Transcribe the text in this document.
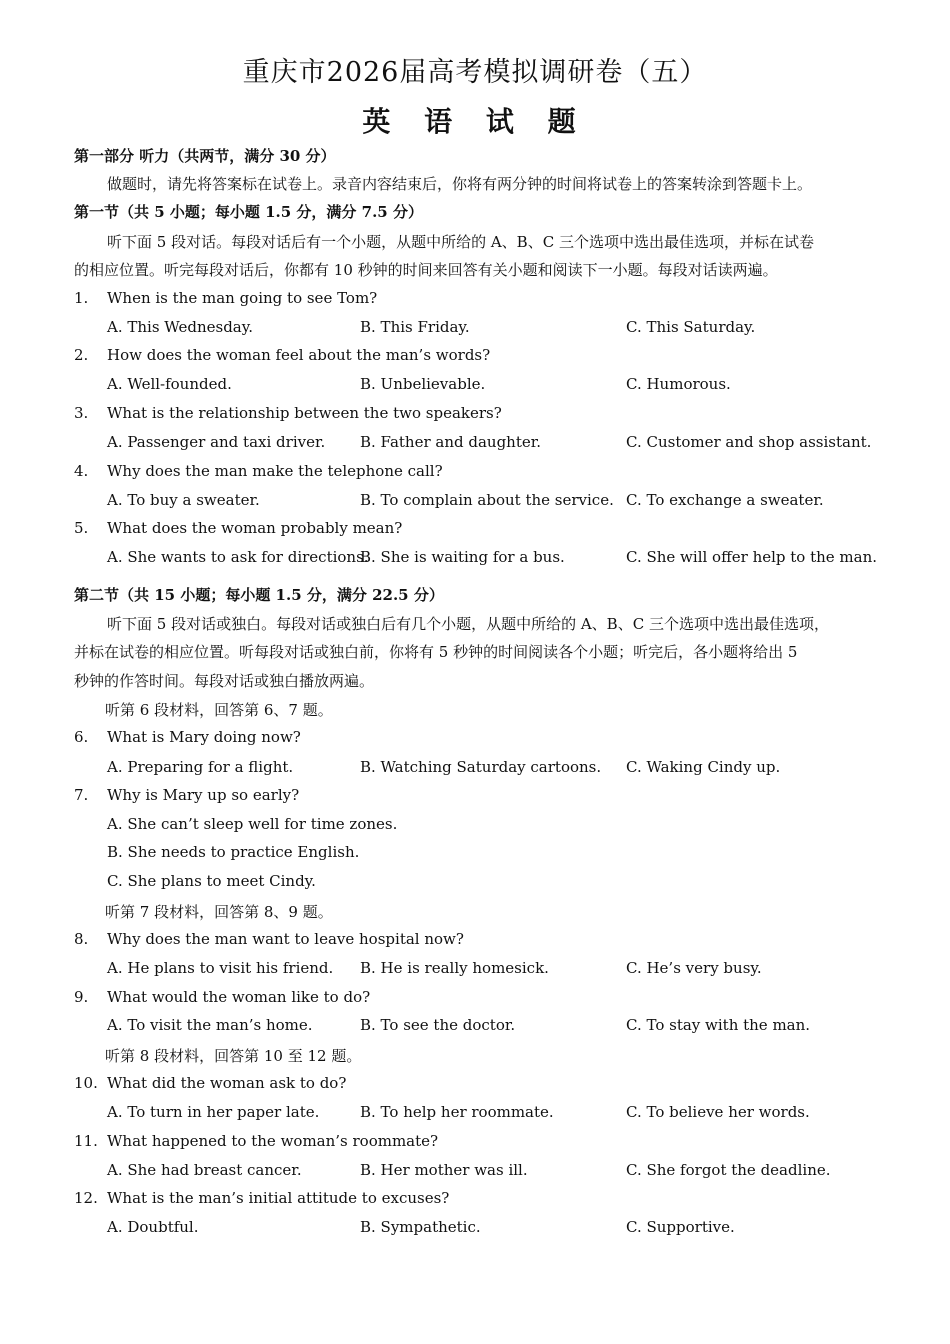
重庆市2026届高考模拟调研卷（五）
英 语 试 题
第一部分 听力（共两节，满分 30 分）
做题时，请先将答案标在试卷上。录音内容结束后，你将有两分钟的时间将试卷上的答案转涂到答题卡上。
第一节（共 5 小题；每小题 1.5 分，满分 7.5 分）
听下面 5 段对话。每段对话后有一个小题，从题中所给的 A、B、C 三个选项中选出最佳选项，并标在试卷
的相应位置。听完每段对话后，你都有 10 秒钟的时间来回答有关小题和阅读下一小题。每段对话读两遍。
1. When is the man going to see Tom?
A. This Wednesday.	B. This Friday.	C. This Saturday.
2. How does the woman feel about the man’s words?
A. Well-founded.	B. Unbelievable.	C. Humorous.
3. What is the relationship between the two speakers?
A. Passenger and taxi driver. B. Father and daughter.	C. Customer and shop assistant.
4. Why does the man make the telephone call?
A. To buy a sweater.	B. To complain about the service. C. To exchange a sweater.
5. What does the woman probably mean?
A. She wants to ask for directions.
B. She is waiting for a bus.	C. She will offer help to the man.
第二节（共 15 小题；每小题 1.5 分，满分 22.5 分）
听下面 5 段对话或独白。每段对话或独白后有几个小题，从题中所给的 A、B、C 三个选项中选出最佳选项，
并标在试卷的相应位置。听每段对话或独白前，你将有 5 秒钟的时间阅读各个小题；听完后，各小题将给出 5
秒钟的作答时间。每段对话或独白播放两遍。
听第 6 段材料，回答第 6、7 题。
6. What is Mary doing now?
A. Preparing for a flight.	B. Watching Saturday cartoons. C. Waking Cindy up.
7. Why is Mary up so early?
A. She can’t sleep well for time zones.
B. She needs to practice English.
C. She plans to meet Cindy.
听第 7 段材料，回答第 8、9 题。
8. Why does the man want to leave hospital now?
A. He plans to visit his friend. B. He is really homesick.	C. He’s very busy.
9. What would the woman like to do?
A. To visit the man’s home.	B. To see the doctor.	C. To stay with the man.
听第 8 段材料，回答第 10 至 12 题。
10. What did the woman ask to do?
A. To turn in her paper late.	B. To help her roommate.	C. To believe her words.
11. What happened to the woman’s roommate?
A. She had breast cancer.	B. Her mother was ill.	C. She forgot the deadline.
12. What is the man’s initial attitude to excuses?
A. Doubtful.	B. Sympathetic.	C. Supportive.
